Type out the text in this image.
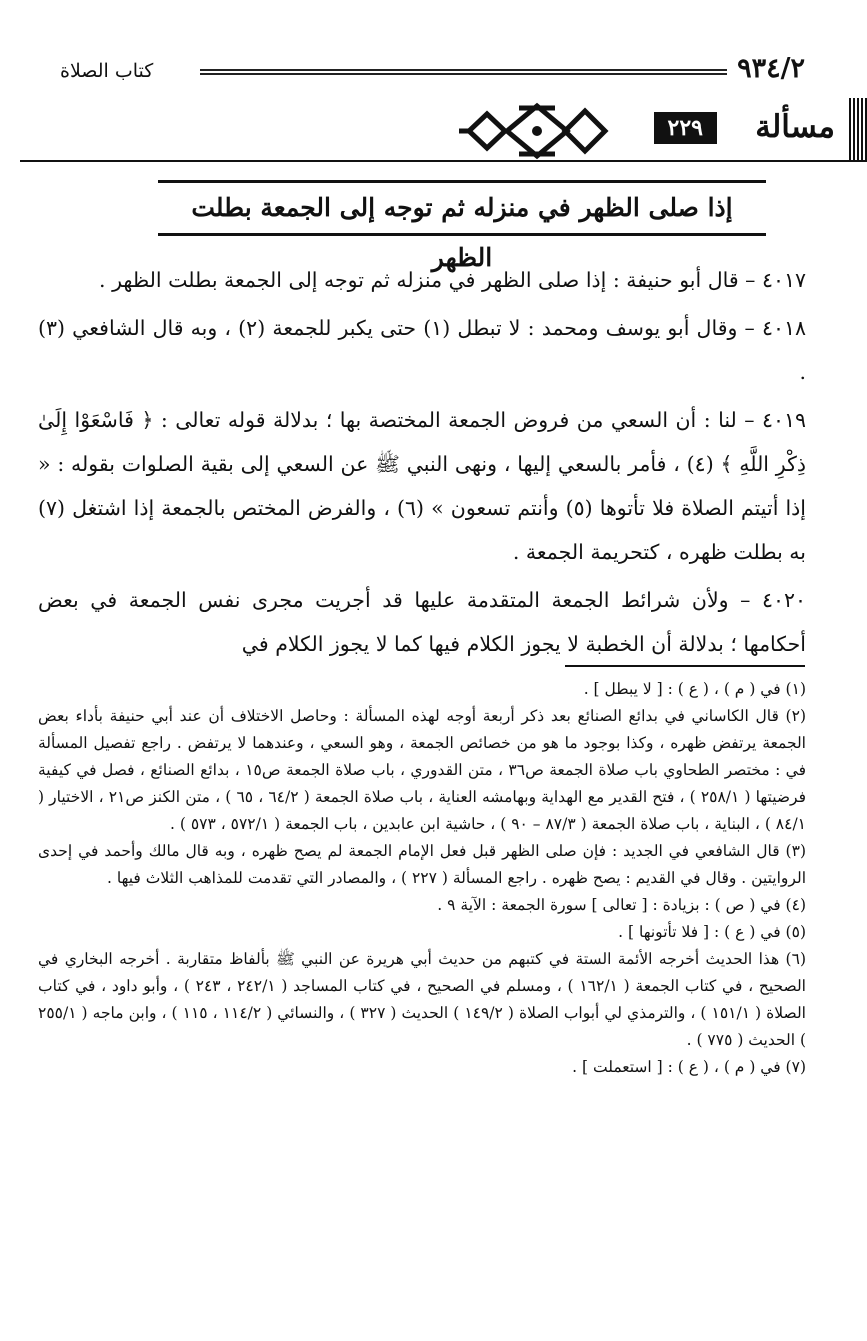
٩٣٤/٢
كتاب الصلاة
مسألة
٢٢٩
إذا صلى الظهر في منزله ثم توجه إلى الجمعة بطلت الظهر

٤٠١٧ – قال أبو حنيفة : إذا صلى الظهر في منزله ثم توجه إلى الجمعة بطلت الظهر .

٤٠١٨ – وقال أبو يوسف ومحمد : لا تبطل (١) حتى يكبر للجمعة (٢) ، وبه قال الشافعي (٣) .

٤٠١٩ – لنا : أن السعي من فروض الجمعة المختصة بها ؛ بدلالة قوله تعالى : ﴿ فَاسْعَوْا إِلَىٰ ذِكْرِ اللَّهِ ﴾ (٤) ، فأمر بالسعي إليها ، ونهى النبي ﷺ عن السعي إلى بقية الصلوات بقوله : « إذا أتيتم الصلاة فلا تأتوها (٥) وأنتم تسعون » (٦) ، والفرض المختص بالجمعة إذا اشتغل (٧) به بطلت ظهره ، كتحريمة الجمعة .

٤٠٢٠ – ولأن شرائط الجمعة المتقدمة عليها قد أجريت مجرى نفس الجمعة في بعض أحكامها ؛ بدلالة أن الخطبة لا يجوز الكلام فيها كما لا يجوز الكلام في

(١) في ( م ) ، ( ع ) : [ لا يبطل ] .

(٢) قال الكاساني في بدائع الصنائع بعد ذكر أربعة أوجه لهذه المسألة : وحاصل الاختلاف أن عند أبي حنيفة بأداء بعض الجمعة يرتفض ظهره ، وكذا بوجود ما هو من خصائص الجمعة ، وهو السعي ، وعندهما لا يرتفض . راجع تفصيل المسألة في : مختصر الطحاوي باب صلاة الجمعة ص٣٦ ، متن القدوري ، باب صلاة الجمعة ص١٥ ، بدائع الصنائع ، فصل في كيفية فرضيتها ( ٢٥٨/١ ) ، فتح القدير مع الهداية وبهامشه العناية ، باب صلاة الجمعة ( ٦٤/٢ ، ٦٥ ) ، متن الكنز ص٢١ ، الاختيار ( ٨٤/١ ) ، البناية ، باب صلاة الجمعة ( ٨٧/٣ – ٩٠ ) ، حاشية ابن عابدين ، باب الجمعة ( ٥٧٢/١ ، ٥٧٣ ) .

(٣) قال الشافعي في الجديد : فإن صلى الظهر قبل فعل الإمام الجمعة لم يصح ظهره ، وبه قال مالك وأحمد في إحدى الروايتين . وقال في القديم : يصح ظهره . راجع المسألة ( ٢٢٧ ) ، والمصادر التي تقدمت للمذاهب الثلاث فيها .

(٤) في ( ص ) : بزيادة : [ تعالى ] سورة الجمعة : الآية ٩ .

(٥) في ( ع ) : [ فلا تأتونها ] .

(٦) هذا الحديث أخرجه الأئمة الستة في كتبهم من حديث أبي هريرة عن النبي ﷺ بألفاظ متقاربة . أخرجه البخاري في الصحيح ، في كتاب الجمعة ( ١٦٢/١ ) ، ومسلم في الصحيح ، في كتاب المساجد ( ٢٤٢/١ ، ٢٤٣ ) ، وأبو داود ، في كتاب الصلاة ( ١٥١/١ ) ، والترمذي لي أبواب الصلاة ( ١٤٩/٢ ) الحديث ( ٣٢٧ ) ، والنسائي ( ١١٤/٢ ، ١١٥ ) ، وابن ماجه ( ٢٥٥/١ ) الحديث ( ٧٧٥ ) .

(٧) في ( م ) ، ( ع ) : [ استعملت ] .
